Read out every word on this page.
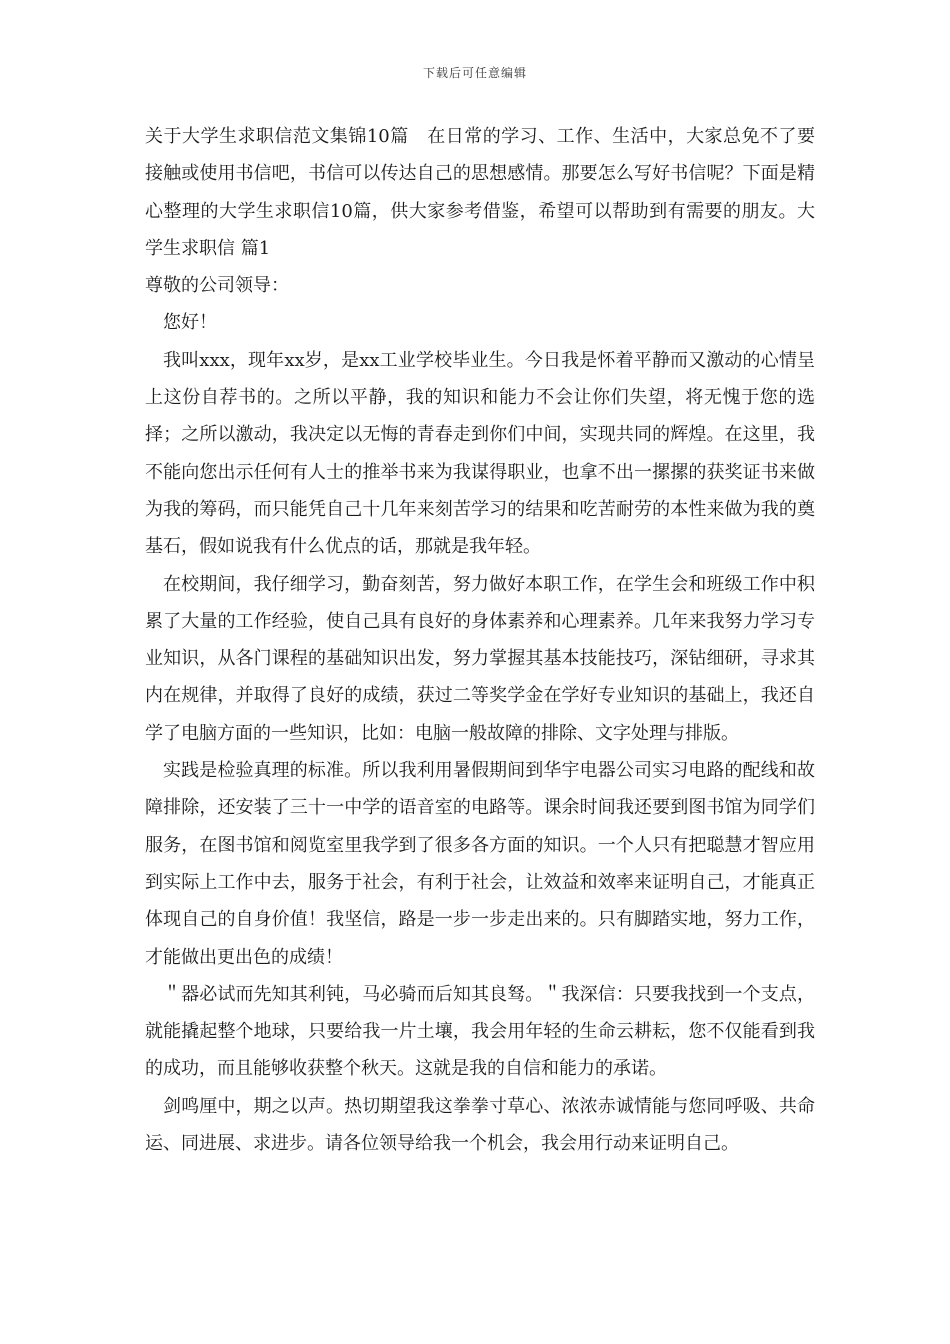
下载后可任意编辑

关于大学生求职信范文集锦10篇　在日常的学习、工作、生活中，大家总免不了要接触或使用书信吧，书信可以传达自己的思想感情。那要怎么写好书信呢？下面是精心整理的大学生求职信10篇，供大家参考借鉴，希望可以帮助到有需要的朋友。大学生求职信 篇1

尊敬的公司领导：

您好！

我叫xxx，现年xx岁，是xx工业学校毕业生。今日我是怀着平静而又激动的心情呈上这份自荐书的。之所以平静，我的知识和能力不会让你们失望，将无愧于您的选择；之所以激动，我决定以无悔的青春走到你们中间，实现共同的辉煌。在这里，我不能向您出示任何有人士的推举书来为我谋得职业，也拿不出一摞摞的获奖证书来做为我的筹码，而只能凭自己十几年来刻苦学习的结果和吃苦耐劳的本性来做为我的奠基石，假如说我有什么优点的话，那就是我年轻。

在校期间，我仔细学习，勤奋刻苦，努力做好本职工作，在学生会和班级工作中积累了大量的工作经验，使自己具有良好的身体素养和心理素养。几年来我努力学习专业知识，从各门课程的基础知识出发，努力掌握其基本技能技巧，深钻细研，寻求其内在规律，并取得了良好的成绩，获过二等奖学金在学好专业知识的基础上，我还自学了电脑方面的一些知识，比如：电脑一般故障的排除、文字处理与排版。

实践是检验真理的标准。所以我利用暑假期间到华宇电器公司实习电路的配线和故障排除，还安装了三十一中学的语音室的电路等。课余时间我还要到图书馆为同学们服务，在图书馆和阅览室里我学到了很多各方面的知识。一个人只有把聪慧才智应用到实际上工作中去，服务于社会，有利于社会，让效益和效率来证明自己，才能真正体现自己的自身价值！我坚信，路是一步一步走出来的。只有脚踏实地，努力工作，才能做出更出色的成绩！

＂器必试而先知其利钝，马必骑而后知其良驽。＂我深信：只要我找到一个支点，就能撬起整个地球，只要给我一片土壤，我会用年轻的生命云耕耘，您不仅能看到我的成功，而且能够收获整个秋天。这就是我的自信和能力的承诺。

剑鸣厘中，期之以声。热切期望我这拳拳寸草心、浓浓赤诚情能与您同呼吸、共命运、同进展、求进步。请各位领导给我一个机会，我会用行动来证明自己。
